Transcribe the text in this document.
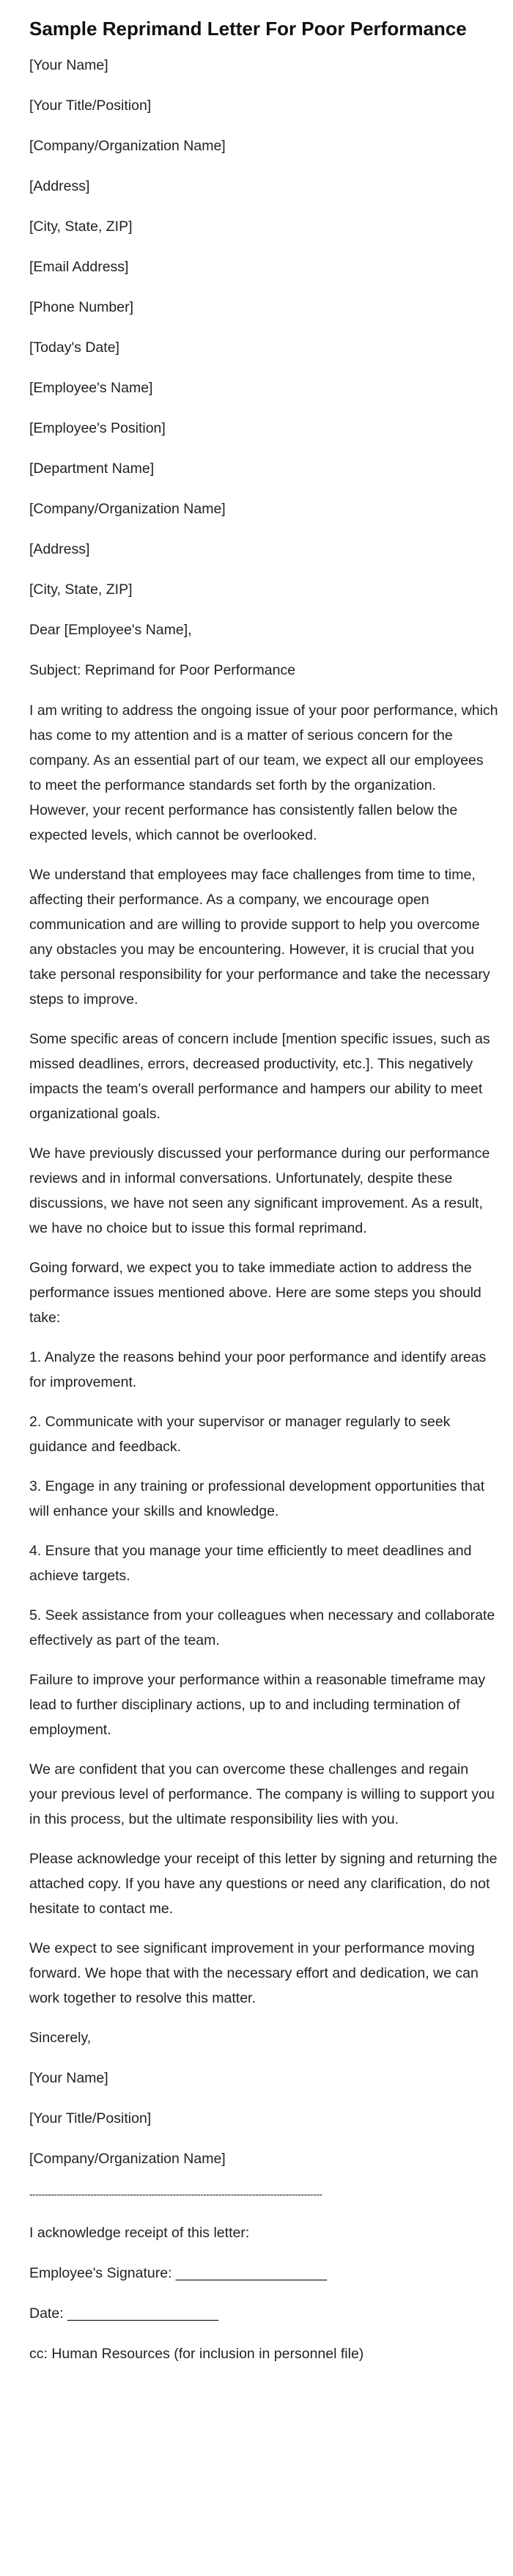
Sample Reprimand Letter For Poor Performance

[Your Name]

[Your Title/Position]

[Company/Organization Name]

[Address]

[City, State, ZIP]

[Email Address]

[Phone Number]

[Today's Date]

[Employee's Name]

[Employee's Position]

[Department Name]

[Company/Organization Name]

[Address]

[City, State, ZIP]

Dear [Employee's Name],

Subject: Reprimand for Poor Performance

I am writing to address the ongoing issue of your poor performance, which has come to my attention and is a matter of serious concern for the company. As an essential part of our team, we expect all our employees to meet the performance standards set forth by the organization. However, your recent performance has consistently fallen below the expected levels, which cannot be overlooked.

We understand that employees may face challenges from time to time, affecting their performance. As a company, we encourage open communication and are willing to provide support to help you overcome any obstacles you may be encountering. However, it is crucial that you take personal responsibility for your performance and take the necessary steps to improve.

Some specific areas of concern include [mention specific issues, such as missed deadlines, errors, decreased productivity, etc.]. This negatively impacts the team's overall performance and hampers our ability to meet organizational goals.

We have previously discussed your performance during our performance reviews and in informal conversations. Unfortunately, despite these discussions, we have not seen any significant improvement. As a result, we have no choice but to issue this formal reprimand.

Going forward, we expect you to take immediate action to address the performance issues mentioned above. Here are some steps you should take:

1. Analyze the reasons behind your poor performance and identify areas for improvement.

2. Communicate with your supervisor or manager regularly to seek guidance and feedback.

3. Engage in any training or professional development opportunities that will enhance your skills and knowledge.

4. Ensure that you manage your time efficiently to meet deadlines and achieve targets.

5. Seek assistance from your colleagues when necessary and collaborate effectively as part of the team.

Failure to improve your performance within a reasonable timeframe may lead to further disciplinary actions, up to and including termination of employment.

We are confident that you can overcome these challenges and regain your previous level of performance. The company is willing to support you in this process, but the ultimate responsibility lies with you.

Please acknowledge your receipt of this letter by signing and returning the attached copy. If you have any questions or need any clarification, do not hesitate to contact me.

We expect to see significant improvement in your performance moving forward. We hope that with the necessary effort and dedication, we can work together to resolve this matter.

Sincerely,

[Your Name]

[Your Title/Position]

[Company/Organization Name]

------------------------------------------------------------------------------------------------

I acknowledge receipt of this letter:

Employee's Signature: ___________________

Date: ___________________

cc: Human Resources (for inclusion in personnel file)
